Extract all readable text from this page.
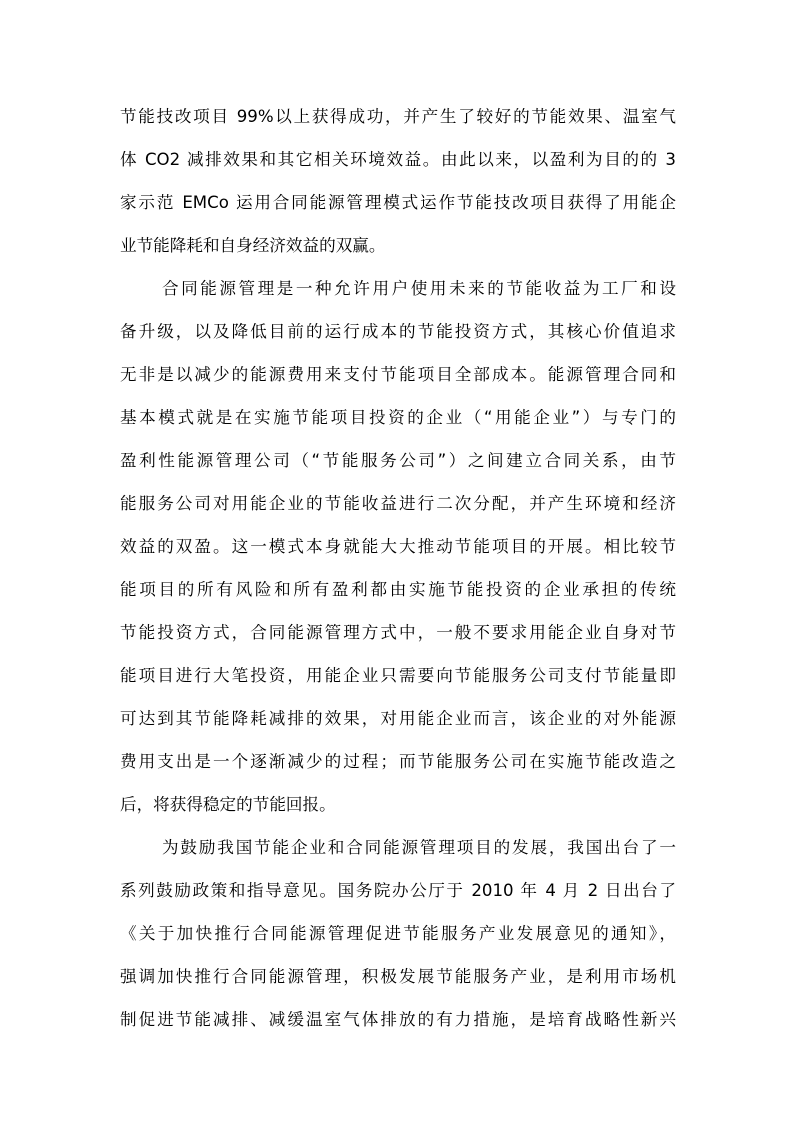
节能技改项目 99%以上获得成功，并产生了较好的节能效果、温室气
体 CO2 减排效果和其它相关环境效益。由此以来，以盈利为目的的 3
家示范 EMCo 运用合同能源管理模式运作节能技改项目获得了用能企
业节能降耗和自身经济效益的双赢。
合同能源管理是一种允许用户使用未来的节能收益为工厂和设
备升级，以及降低目前的运行成本的节能投资方式，其核心价值追求
无非是以减少的能源费用来支付节能项目全部成本。能源管理合同和
基本模式就是在实施节能项目投资的企业（“用能企业”）与专门的
盈利性能源管理公司（“节能服务公司”）之间建立合同关系，由节
能服务公司对用能企业的节能收益进行二次分配，并产生环境和经济
效益的双盈。这一模式本身就能大大推动节能项目的开展。相比较节
能项目的所有风险和所有盈利都由实施节能投资的企业承担的传统
节能投资方式，合同能源管理方式中，一般不要求用能企业自身对节
能项目进行大笔投资，用能企业只需要向节能服务公司支付节能量即
可达到其节能降耗减排的效果，对用能企业而言，该企业的对外能源
费用支出是一个逐渐减少的过程；而节能服务公司在实施节能改造之
后，将获得稳定的节能回报。
为鼓励我国节能企业和合同能源管理项目的发展，我国出台了一
系列鼓励政策和指导意见。国务院办公厅于 2010 年 4 月 2 日出台了
《关于加快推行合同能源管理促进节能服务产业发展意见的通知》，
强调加快推行合同能源管理，积极发展节能服务产业，是利用市场机
制促进节能减排、减缓温室气体排放的有力措施，是培育战略性新兴
